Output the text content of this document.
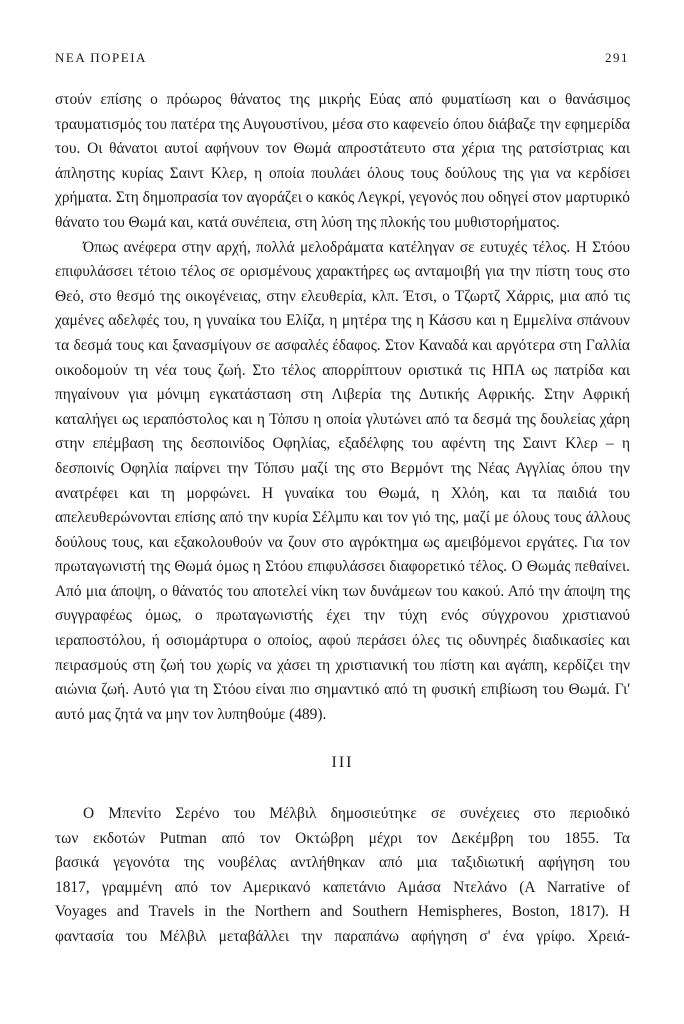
ΝΕΑ ΠΟΡΕΙΑ	291

στούν επίσης ο πρόωρος θάνατος της μικρής Εύας από φυματίωση και ο θανάσιμος τραυματισμός του πατέρα της Αυγουστίνου, μέσα στο καφενείο όπου διάβαζε την εφημερίδα του. Οι θάνατοι αυτοί αφήνουν τον Θωμά απροστάτευτο στα χέρια της ρατσίστριας και άπληστης κυρίας Σαιντ Κλερ, η οποία πουλάει όλους τους δούλους της για να κερδίσει χρήματα. Στη δημοπρασία τον αγοράζει ο κακός Λεγκρί, γεγονός που οδηγεί στον μαρτυρικό θάνατο του Θωμά και, κατά συνέπεια, στη λύση της πλοκής του μυθιστορήματος.

Όπως ανέφερα στην αρχή, πολλά μελοδράματα κατέληγαν σε ευτυχές τέλος. Η Στόου επιφυλάσσει τέτοιο τέλος σε ορισμένους χαρακτήρες ως ανταμοιβή για την πίστη τους στο Θεό, στο θεσμό της οικογένειας, στην ελευθερία, κλπ. Έτσι, ο Τζωρτζ Χάρρις, μια από τις χαμένες αδελφές του, η γυναίκα του Ελίζα, η μητέρα της η Κάσσυ και η Εμμελίνα σπάνουν τα δεσμά τους και ξανασμίγουν σε ασφαλές έδαφος. Στον Καναδά και αργότερα στη Γαλλία οικοδομούν τη νέα τους ζωή. Στο τέλος απορρίπτουν οριστικά τις ΗΠΑ ως πατρίδα και πηγαίνουν για μόνιμη εγκατάσταση στη Λιβερία της Δυτικής Αφρικής. Στην Αφρική καταλήγει ως ιεραπόστολος και η Τόπσυ η οποία γλυτώνει από τα δεσμά της δουλείας χάρη στην επέμβαση της δεσποινίδος Οφηλίας, εξαδέλφης του αφέντη της Σαιντ Κλερ – η δεσποινίς Οφηλία παίρνει την Τόπσυ μαζί της στο Βερμόντ της Νέας Αγγλίας όπου την ανατρέφει και τη μορφώνει. Η γυναίκα του Θωμά, η Χλόη, και τα παιδιά του απελευθερώνονται επίσης από την κυρία Σέλμπυ και τον γιό της, μαζί με όλους τους άλλους δούλους τους, και εξακολουθούν να ζουν στο αγρόκτημα ως αμειβόμενοι εργάτες. Για τον πρωταγωνιστή της Θωμά όμως η Στόου επιφυλάσσει διαφορετικό τέλος. Ο Θωμάς πεθαίνει. Από μια άποψη, ο θάνατός του αποτελεί νίκη των δυνάμεων του κακού. Από την άποψη της συγγραφέως όμως, ο πρωταγωνιστής έχει την τύχη ενός σύγχρονου χριστιανού ιεραποστόλου, ή οσιομάρτυρα ο οποίος, αφού περάσει όλες τις οδυνηρές διαδικασίες και πειρασμούς στη ζωή του χωρίς να χάσει τη χριστιανική του πίστη και αγάπη, κερδίζει την αιώνια ζωή. Αυτό για τη Στόου είναι πιο σημαντικό από τη φυσική επιβίωση του Θωμά. Γι' αυτό μας ζητά να μην τον λυπηθούμε (489).

III
Ο Μπενίτο Σερένο του Μέλβιλ δημοσιεύτηκε σε συνέχειες στο περιοδικό
των εκδοτών Putman από τον Οκτώβρη μέχρι τον Δεκέμβρη του 1855. Τα
βασικά γεγονότα της νουβέλας αντλήθηκαν από μια ταξιδιωτική αφήγηση του
1817, γραμμένη από τον Αμερικανό καπετάνιο Αμάσα Ντελάνο (A Narrative of
Voyages and Travels in the Northern and Southern Hemispheres, Boston, 1817). Η
φαντασία του Μέλβιλ μεταβάλλει την παραπάνω αφήγηση σ' ένα γρίφο. Χρειά-
